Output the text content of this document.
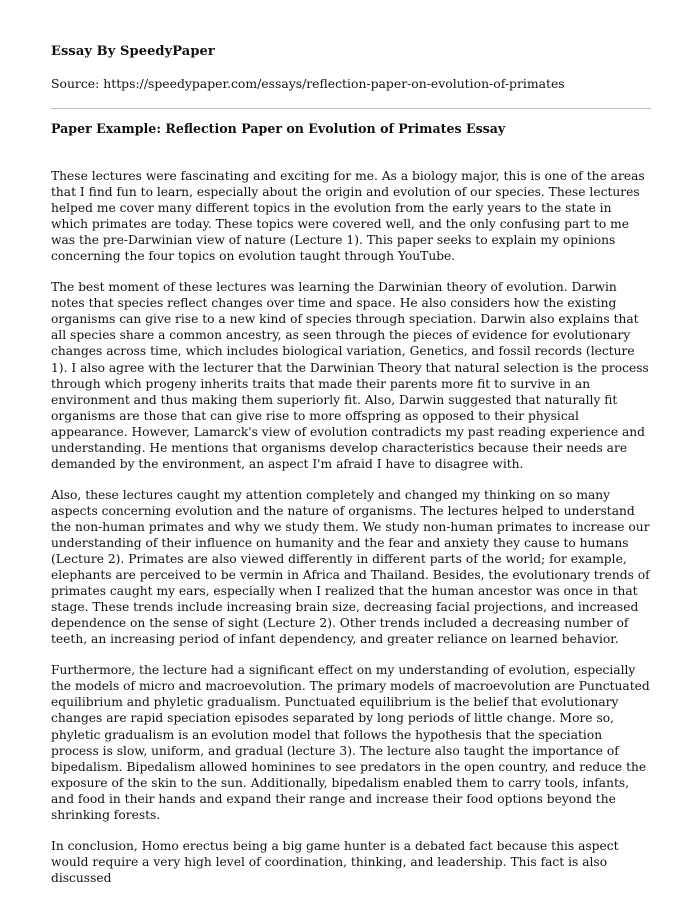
Essay By SpeedyPaper
Source: https://speedypaper.com/essays/reflection-paper-on-evolution-of-primates
Paper Example: Reflection Paper on Evolution of Primates Essay

These lectures were fascinating and exciting for me. As a biology major, this is one of the areas that I find fun to learn, especially about the origin and evolution of our species. These lectures helped me cover many different topics in the evolution from the early years to the state in which primates are today. These topics were covered well, and the only confusing part to me was the pre-Darwinian view of nature (Lecture 1). This paper seeks to explain my opinions concerning the four topics on evolution taught through YouTube.

The best moment of these lectures was learning the Darwinian theory of evolution. Darwin notes that species reflect changes over time and space. He also considers how the existing organisms can give rise to a new kind of species through speciation. Darwin also explains that all species share a common ancestry, as seen through the pieces of evidence for evolutionary changes across time, which includes biological variation, Genetics, and fossil records (lecture 1). I also agree with the lecturer that the Darwinian Theory that natural selection is the process through which progeny inherits traits that made their parents more fit to survive in an environment and thus making them superiorly fit. Also, Darwin suggested that naturally fit organisms are those that can give rise to more offspring as opposed to their physical appearance. However, Lamarck's view of evolution contradicts my past reading experience and understanding. He mentions that organisms develop characteristics because their needs are demanded by the environment, an aspect I'm afraid I have to disagree with.

Also, these lectures caught my attention completely and changed my thinking on so many aspects concerning evolution and the nature of organisms. The lectures helped to understand the non-human primates and why we study them. We study non-human primates to increase our understanding of their influence on humanity and the fear and anxiety they cause to humans (Lecture 2). Primates are also viewed differently in different parts of the world; for example, elephants are perceived to be vermin in Africa and Thailand. Besides, the evolutionary trends of primates caught my ears, especially when I realized that the human ancestor was once in that stage. These trends include increasing brain size, decreasing facial projections, and increased dependence on the sense of sight (Lecture 2). Other trends included a decreasing number of teeth, an increasing period of infant dependency, and greater reliance on learned behavior.

Furthermore, the lecture had a significant effect on my understanding of evolution, especially the models of micro and macroevolution. The primary models of macroevolution are Punctuated equilibrium and phyletic gradualism. Punctuated equilibrium is the belief that evolutionary changes are rapid speciation episodes separated by long periods of little change. More so, phyletic gradualism is an evolution model that follows the hypothesis that the speciation process is slow, uniform, and gradual (lecture 3). The lecture also taught the importance of bipedalism. Bipedalism allowed hominines to see predators in the open country, and reduce the exposure of the skin to the sun. Additionally, bipedalism enabled them to carry tools, infants, and food in their hands and expand their range and increase their food options beyond the shrinking forests.

In conclusion, Homo erectus being a big game hunter is a debated fact because this aspect would require a very high level of coordination, thinking, and leadership. This fact is also discussed
